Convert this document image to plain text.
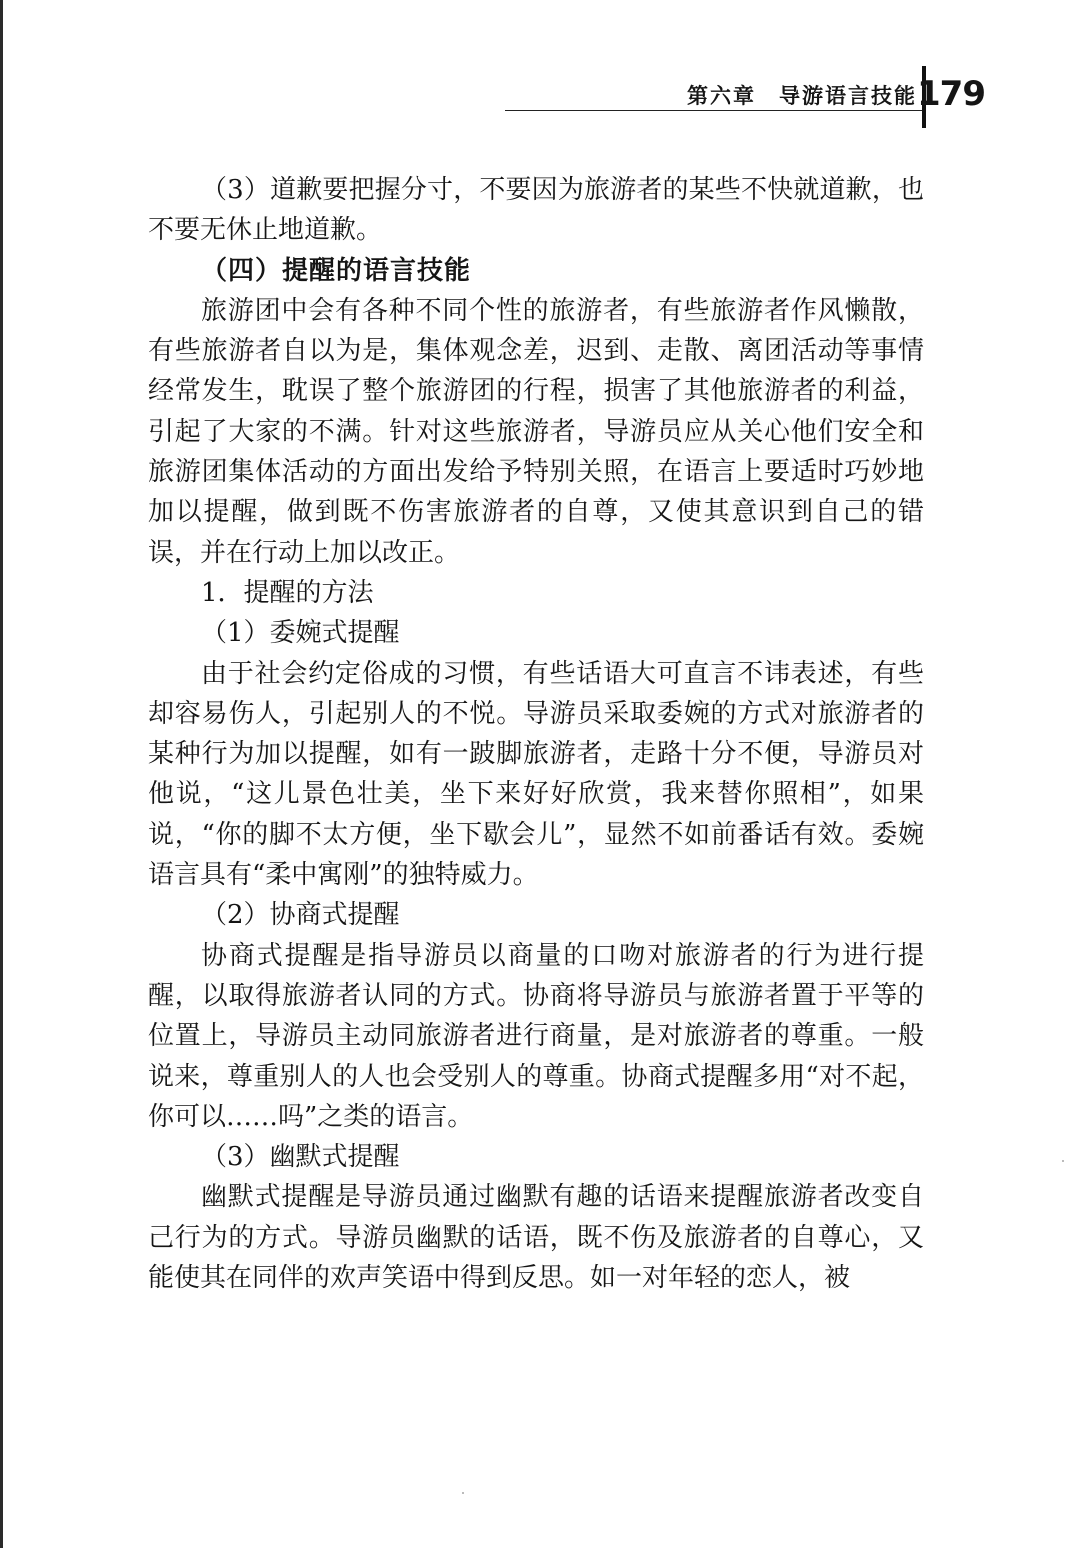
第六章　导游语言技能 179

（3）道歉要把握分寸，不要因为旅游者的某些不快就道歉，也不要无休止地道歉。

（四）提醒的语言技能

旅游团中会有各种不同个性的旅游者，有些旅游者作风懒散，有些旅游者自以为是，集体观念差，迟到、走散、离团活动等事情经常发生，耽误了整个旅游团的行程，损害了其他旅游者的利益，引起了大家的不满。针对这些旅游者，导游员应从关心他们安全和旅游团集体活动的方面出发给予特别关照，在语言上要适时巧妙地加以提醒，做到既不伤害旅游者的自尊，又使其意识到自己的错误，并在行动上加以改正。

1．提醒的方法

（1）委婉式提醒

由于社会约定俗成的习惯，有些话语大可直言不讳表述，有些却容易伤人，引起别人的不悦。导游员采取委婉的方式对旅游者的某种行为加以提醒，如有一跛脚旅游者，走路十分不便，导游员对他说，“这儿景色壮美，坐下来好好欣赏，我来替你照相”，如果说，“你的脚不太方便，坐下歇会儿”，显然不如前番话有效。委婉语言具有“柔中寓刚”的独特威力。

（2）协商式提醒

协商式提醒是指导游员以商量的口吻对旅游者的行为进行提醒，以取得旅游者认同的方式。协商将导游员与旅游者置于平等的位置上，导游员主动同旅游者进行商量，是对旅游者的尊重。一般说来，尊重别人的人也会受别人的尊重。协商式提醒多用“对不起，你可以……吗”之类的语言。

（3）幽默式提醒

幽默式提醒是导游员通过幽默有趣的话语来提醒旅游者改变自己行为的方式。导游员幽默的话语，既不伤及旅游者的自尊心，又能使其在同伴的欢声笑语中得到反思。如一对年轻的恋人，被
